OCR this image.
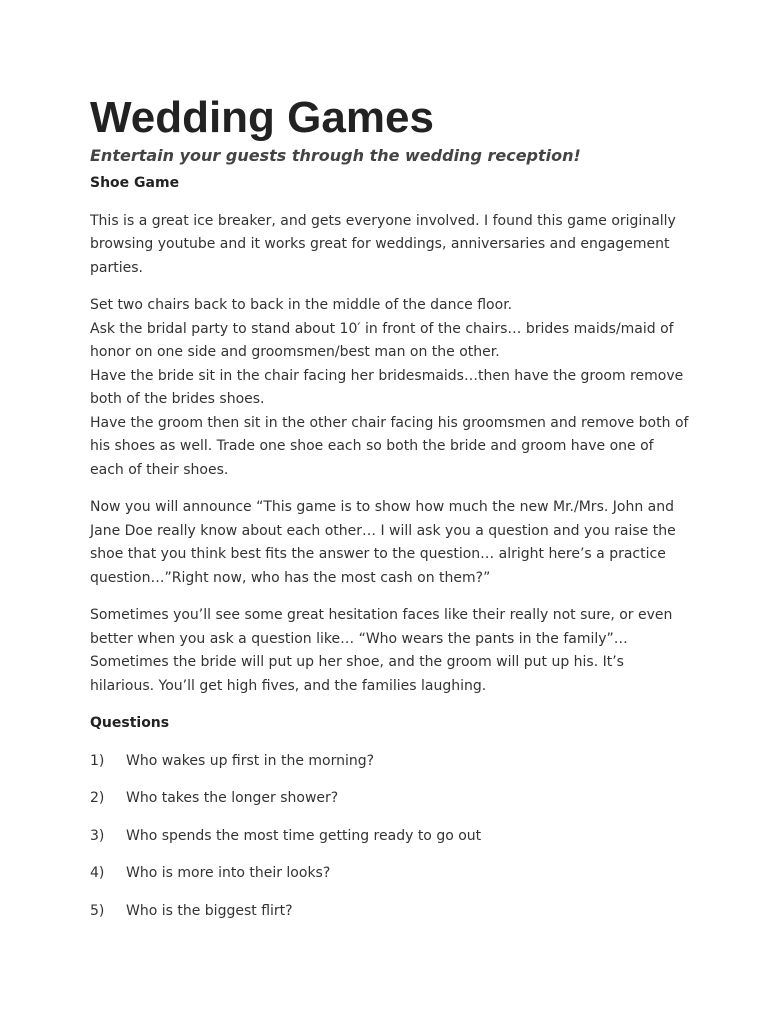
Wedding Games
Entertain your guests through the wedding reception!
Shoe Game

This is a great ice breaker, and gets everyone involved. I found this game originally browsing youtube and it works great for weddings, anniversaries and engagement parties.

Set two chairs back to back in the middle of the dance floor.

Ask the bridal party to stand about 10′ in front of the chairs… brides maids/maid of honor on one side and groomsmen/best man on the other.

Have the bride sit in the chair facing her bridesmaids…then have the groom remove both of the brides shoes.

Have the groom then sit in the other chair facing his groomsmen and remove both of his shoes as well. Trade one shoe each so both the bride and groom have one of each of their shoes.

Now you will announce “This game is to show how much the new Mr./Mrs. John and Jane Doe really know about each other… I will ask you a question and you raise the shoe that you think best fits the answer to the question… alright here’s a practice question…”Right now, who has the most cash on them?”

Sometimes you’ll see some great hesitation faces like their really not sure, or even better when you ask a question like… “Who wears the pants in the family”… Sometimes the bride will put up her shoe, and the groom will put up his. It’s hilarious. You’ll get high fives, and the families laughing.

Questions
1)	Who wakes up first in the morning?
2)	Who takes the longer shower?
3)	Who spends the most time getting ready to go out
4)	Who is more into their looks?
5)	Who is the biggest flirt?
